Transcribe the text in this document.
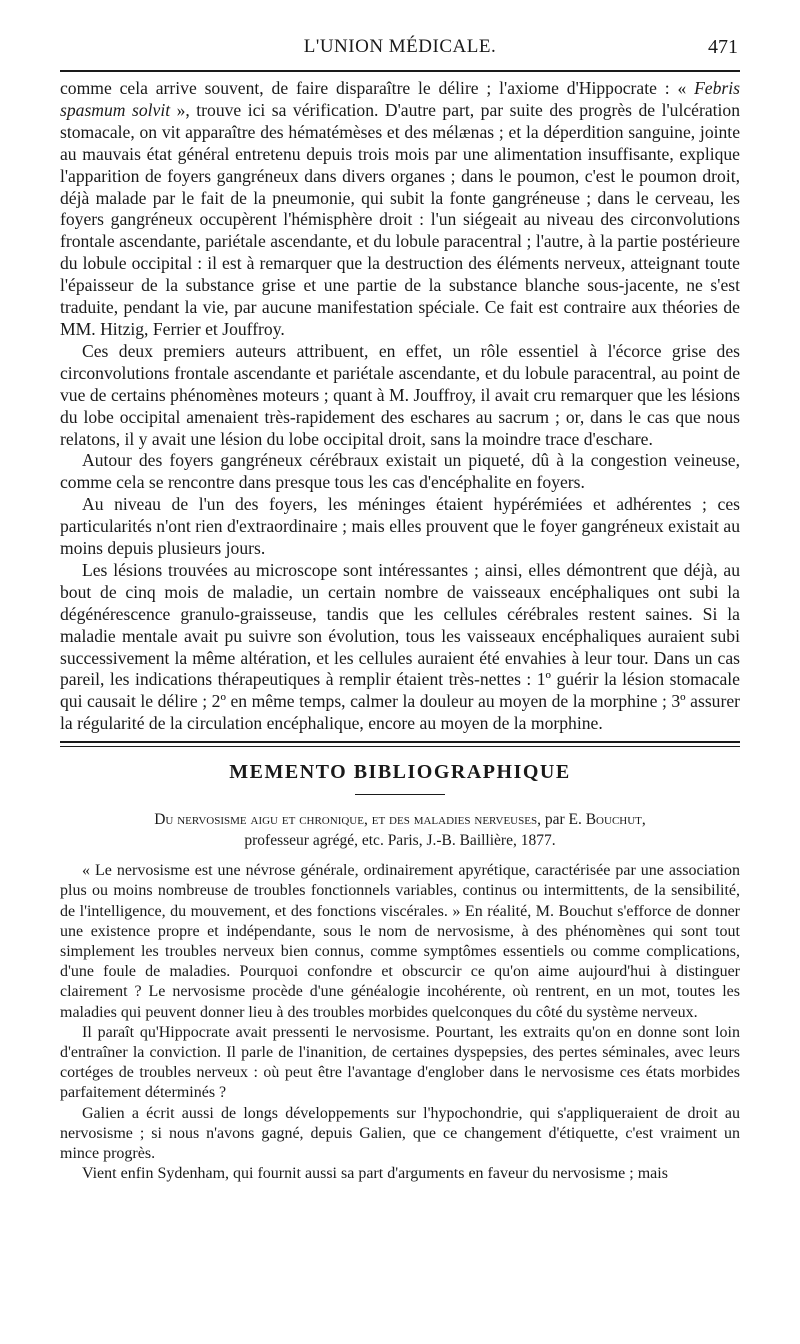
L'UNION MÉDICALE.	471

comme cela arrive souvent, de faire disparaître le délire ; l'axiome d'Hippocrate : « Febris spasmum solvit », trouve ici sa vérification. D'autre part, par suite des progrès de l'ulcération stomacale, on vit apparaître des hématémèses et des mélænas ; et la déperdition sanguine, jointe au mauvais état général entretenu depuis trois mois par une alimentation insuffisante, explique l'apparition de foyers gangréneux dans divers organes ; dans le poumon, c'est le poumon droit, déjà malade par le fait de la pneumonie, qui subit la fonte gangréneuse ; dans le cerveau, les foyers gangréneux occupèrent l'hémisphère droit : l'un siégeait au niveau des circonvolutions frontale ascendante, pariétale ascendante, et du lobule paracentral ; l'autre, à la partie postérieure du lobule occipital : il est à remarquer que la destruction des éléments nerveux, atteignant toute l'épaisseur de la substance grise et une partie de la substance blanche sous-jacente, ne s'est traduite, pendant la vie, par aucune manifestation spéciale. Ce fait est contraire aux théories de MM. Hitzig, Ferrier et Jouffroy.

Ces deux premiers auteurs attribuent, en effet, un rôle essentiel à l'écorce grise des circonvolutions frontale ascendante et pariétale ascendante, et du lobule paracentral, au point de vue de certains phénomènes moteurs ; quant à M. Jouffroy, il avait cru remarquer que les lésions du lobe occipital amenaient très-rapidement des eschares au sacrum ; or, dans le cas que nous relatons, il y avait une lésion du lobe occipital droit, sans la moindre trace d'eschare.

Autour des foyers gangréneux cérébraux existait un piqueté, dû à la congestion veineuse, comme cela se rencontre dans presque tous les cas d'encéphalite en foyers.

Au niveau de l'un des foyers, les méninges étaient hypérémiées et adhérentes ; ces particularités n'ont rien d'extraordinaire ; mais elles prouvent que le foyer gangréneux existait au moins depuis plusieurs jours.

Les lésions trouvées au microscope sont intéressantes ; ainsi, elles démontrent que déjà, au bout de cinq mois de maladie, un certain nombre de vaisseaux encéphaliques ont subi la dégénérescence granulo-graisseuse, tandis que les cellules cérébrales restent saines. Si la maladie mentale avait pu suivre son évolution, tous les vaisseaux encéphaliques auraient subi successivement la même altération, et les cellules auraient été envahies à leur tour. Dans un cas pareil, les indications thérapeutiques à remplir étaient très-nettes : 1º guérir la lésion stomacale qui causait le délire ; 2º en même temps, calmer la douleur au moyen de la morphine ; 3º assurer la régularité de la circulation encéphalique, encore au moyen de la morphine.

MEMENTO BIBLIOGRAPHIQUE
Du nervosisme aigu et chronique, et des maladies nerveuses, par E. Bouchut,
professeur agrégé, etc. Paris, J.-B. Baillière, 1877.

« Le nervosisme est une névrose générale, ordinairement apyrétique, caractérisée par une association plus ou moins nombreuse de troubles fonctionnels variables, continus ou intermittents, de la sensibilité, de l'intelligence, du mouvement, et des fonctions viscérales. » En réalité, M. Bouchut s'efforce de donner une existence propre et indépendante, sous le nom de nervosisme, à des phénomènes qui sont tout simplement les troubles nerveux bien connus, comme symptômes essentiels ou comme complications, d'une foule de maladies. Pourquoi confondre et obscurcir ce qu'on aime aujourd'hui à distinguer clairement ? Le nervosisme procède d'une généalogie incohérente, où rentrent, en un mot, toutes les maladies qui peuvent donner lieu à des troubles morbides quelconques du côté du système nerveux.

Il paraît qu'Hippocrate avait pressenti le nervosisme. Pourtant, les extraits qu'on en donne sont loin d'entraîner la conviction. Il parle de l'inanition, de certaines dyspepsies, des pertes séminales, avec leurs cortéges de troubles nerveux : où peut être l'avantage d'englober dans le nervosisme ces états morbides parfaitement déterminés ?

Galien a écrit aussi de longs développements sur l'hypochondrie, qui s'appliqueraient de droit au nervosisme ; si nous n'avons gagné, depuis Galien, que ce changement d'étiquette, c'est vraiment un mince progrès.

Vient enfin Sydenham, qui fournit aussi sa part d'arguments en faveur du nervosisme ; mais
